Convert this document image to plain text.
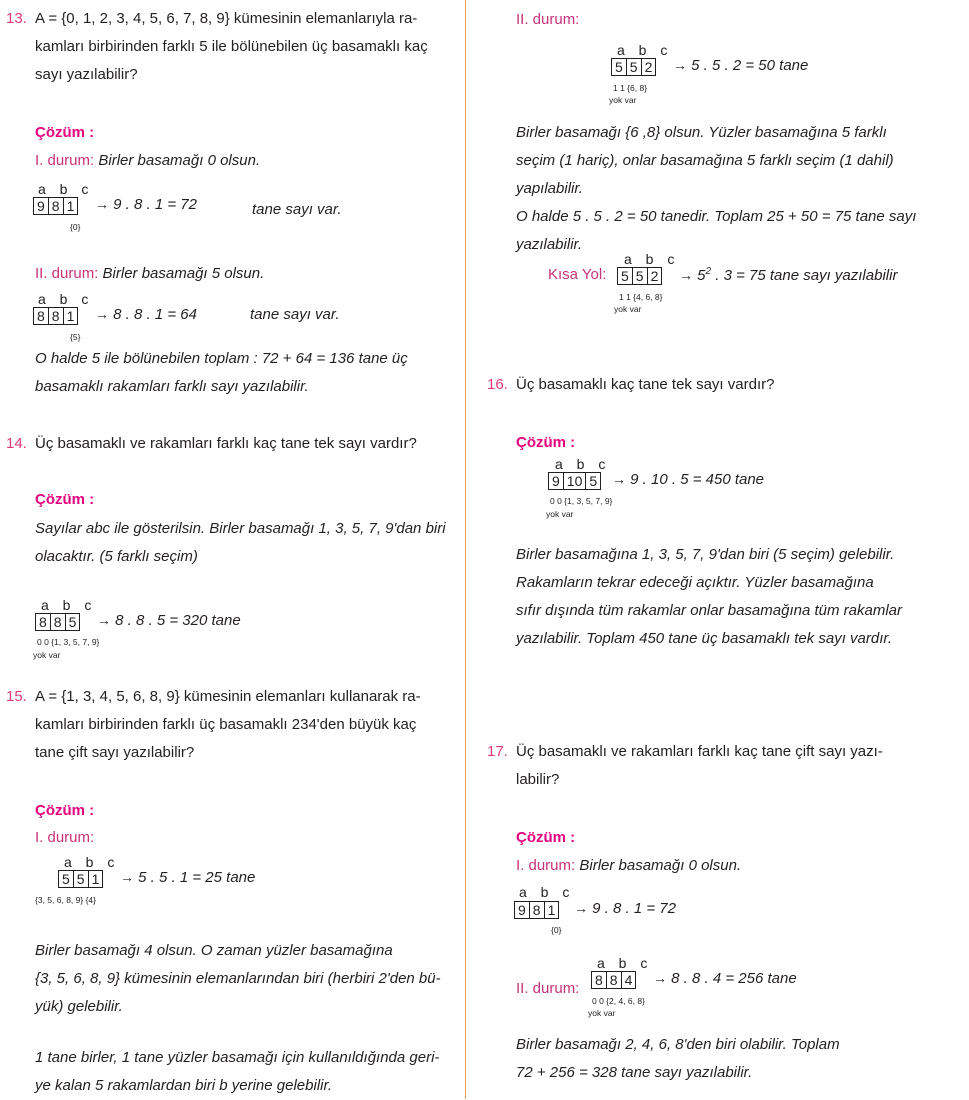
13. A = {0, 1, 2, 3, 4, 5, 6, 7, 8, 9} kümesinin elemanlarıyla ra-
kamları birbirinden farklı 5 ile bölünebilen üç basamaklı kaç
sayı yazılabilir?
Çözüm :
I. durum: Birler basamağı 0 olsun.
a b c
9 8 1
{0}
→ 9 . 8 . 1 = 72	tane sayı var.
II. durum: Birler basamağı 5 olsun.
a b c
8 8 1
{5}
→ 8 . 8 . 1 = 64	tane sayı var.
O halde 5 ile bölünebilen toplam : 72 + 64 = 136 tane üç
basamaklı rakamları farklı sayı yazılabilir.
14. Üç basamaklı ve rakamları farklı kaç tane tek sayı vardır?
Çözüm :
Sayılar abc ile gösterilsin. Birler basamağı 1, 3, 5, 7, 9'dan biri
olacaktır. (5 farklı seçim)
a b c
8 8 5
0 0 {1, 3, 5, 7, 9}
yok var
→ 8 . 8 . 5 = 320 tane
15. A = {1, 3, 4, 5, 6, 8, 9} kümesinin elemanları kullanarak ra-
kamları birbirinden farklı üç basamaklı 234'den büyük kaç
tane çift sayı yazılabilir?
Çözüm :
I. durum:
a b c
5 5 1
{3, 5, 6, 8, 9} {4}
→ 5 . 5 . 1 = 25 tane
Birler basamağı 4 olsun. O zaman yüzler basamağına
{3, 5, 6, 8, 9} kümesinin elemanlarından biri (herbiri 2'den bü-
yük) gelebilir.
1 tane birler, 1 tane yüzler basamağı için kullanıldığında geri-
ye kalan 5 rakamlardan biri b yerine gelebilir.
II. durum:
a b c
5 5 2
1 1 {6, 8}
yok var
→ 5 . 5 . 2 = 50 tane
Birler basamağı {6 ,8} olsun. Yüzler basamağına 5 farklı
seçim (1 hariç), onlar basamağına 5 farklı seçim (1 dahil)
yapılabilir.
O halde 5 . 5 . 2 = 50 tanedir. Toplam 25 + 50 = 75 tane sayı
yazılabilir.
Kısa Yol:
a b c
5 5 2
1 1 {4, 6, 8}
yok var
→ $5^2$ . 3 = 75 tane sayı yazılabilir
16. Üç basamaklı kaç tane tek sayı vardır?
Çözüm :
a b c
9 10 5
0 0 {1, 3, 5, 7, 9}
yok var
→ 9 . 10 . 5 = 450 tane
Birler basamağına 1, 3, 5, 7, 9'dan biri (5 seçim) gelebilir.
Rakamların tekrar edeceği açıktır. Yüzler basamağına
sıfır dışında tüm rakamlar onlar basamağına tüm rakamlar
yazılabilir. Toplam 450 tane üç basamaklı tek sayı vardır.
17. Üç basamaklı ve rakamları farklı kaç tane çift sayı yazı-
labilir?
Çözüm :
I. durum: Birler basamağı 0 olsun.
a b c
9 8 1
{0}
→ 9 . 8 . 1 = 72
II. durum:
a b c
8 8 4
0 0 {2, 4, 6, 8}
yok var
→ 8 . 8 . 4 = 256 tane
Birler basamağı 2, 4, 6, 8'den biri olabilir. Toplam
72 + 256 = 328 tane sayı yazılabilir.
